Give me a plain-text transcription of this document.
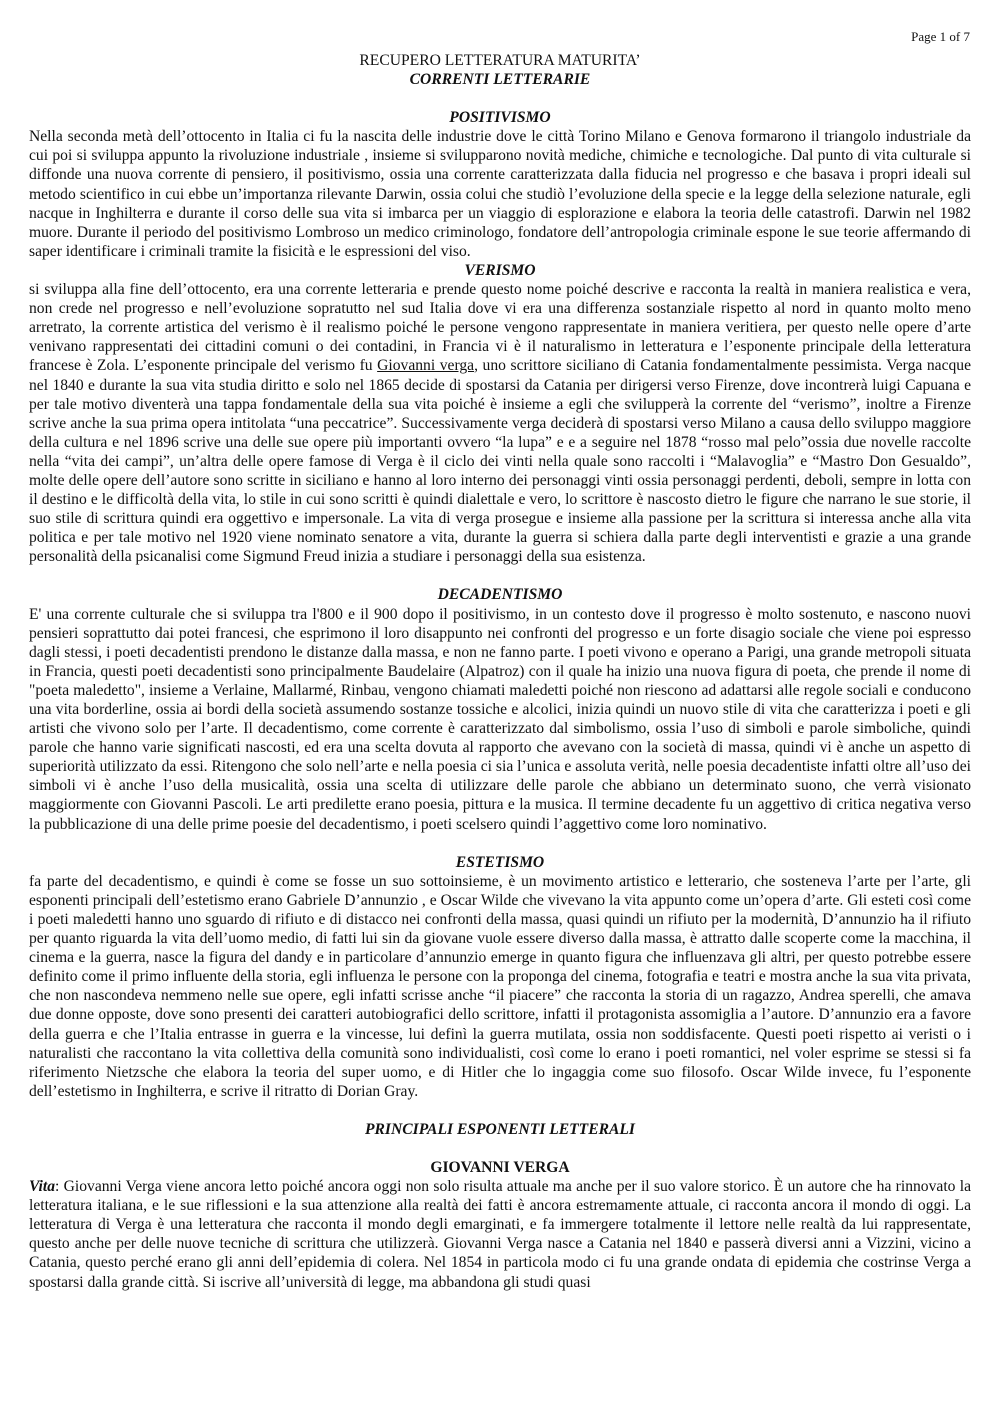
Page 1 of 7
RECUPERO LETTERATURA MATURITA’
CORRENTI LETTERARIE
POSITIVISMO

Nella seconda metà dell’ottocento in Italia ci fu la nascita delle industrie dove le città Torino Milano e Genova formarono il triangolo industriale da cui poi si sviluppa appunto la rivoluzione industriale , insieme si svilupparono novità mediche, chimiche e tecnologiche. Dal punto di vita culturale si diffonde una nuova corrente di pensiero, il positivismo, ossia una corrente caratterizzata dalla fiducia nel progresso e che basava i propri ideali sul metodo scientifico in cui ebbe un’importanza rilevante Darwin, ossia colui che studiò l’evoluzione della specie e la legge della selezione naturale, egli nacque in Inghilterra e durante il corso delle sua vita si imbarca per un viaggio di esplorazione e elabora la teoria delle catastrofi. Darwin nel 1982 muore. Durante il periodo del positivismo Lombroso un medico criminologo, fondatore dell’antropologia criminale espone le sue teorie affermando di saper identificare i criminali tramite la fisicità e le espressioni del viso.

VERISMO

si sviluppa alla fine dell’ottocento, era una corrente letteraria e prende questo nome poiché descrive e racconta la realtà in maniera realistica e vera, non crede nel progresso e nell’evoluzione sopratutto nel sud Italia dove vi era una differenza sostanziale rispetto al nord in quanto molto meno arretrato, la corrente artistica del verismo è il realismo poiché le persone vengono rappresentate in maniera veritiera, per questo nelle opere d’arte venivano rappresentati dei cittadini comuni o dei contadini, in Francia vi è il naturalismo in letteratura e l’esponente principale della letteratura francese è Zola. L’esponente principale del verismo fu Giovanni verga, uno scrittore siciliano di Catania fondamentalmente pessimista. Verga nacque nel 1840 e durante la sua vita studia diritto e solo nel 1865 decide di spostarsi da Catania per dirigersi verso Firenze, dove incontrerà luigi Capuana e per tale motivo diventerà una tappa fondamentale della sua vita poiché è insieme a egli che svilupperà la corrente del “verismo”, inoltre a Firenze scrive anche la sua prima opera intitolata “una peccatrice”. Successivamente verga deciderà di spostarsi verso Milano a causa dello sviluppo maggiore della cultura e nel 1896 scrive una delle sue opere più importanti ovvero “la lupa” e e a seguire nel 1878 “rosso mal pelo”ossia due novelle raccolte nella “vita dei campi”, un’altra delle opere famose di Verga è il ciclo dei vinti nella quale sono raccolti i “Malavoglia” e “Mastro Don Gesualdo”, molte delle opere dell’autore sono scritte in siciliano e hanno al loro interno dei personaggi vinti ossia personaggi perdenti, deboli, sempre in lotta con il destino e le difficoltà della vita, lo stile in cui sono scritti è quindi dialettale e vero, lo scrittore è nascosto dietro le figure che narrano le sue storie, il suo stile di scrittura quindi era oggettivo e impersonale. La vita di verga prosegue e insieme alla passione per la scrittura si interessa anche alla vita politica e per tale motivo nel 1920 viene nominato senatore a vita, durante la guerra si schiera dalla parte degli interventisti e grazie a una grande personalità della psicanalisi come Sigmund Freud inizia a studiare i personaggi della sua esistenza.

DECADENTISMO

E' una corrente culturale che si sviluppa tra l'800 e il 900 dopo il positivismo, in un contesto dove il progresso è molto sostenuto, e nascono nuovi pensieri soprattutto dai potei francesi, che esprimono il loro disappunto nei confronti del progresso e un forte disagio sociale che viene poi espresso dagli stessi, i poeti decadentisti prendono le distanze dalla massa, e non ne fanno parte. I poeti vivono e operano a Parigi, una grande metropoli situata in Francia, questi poeti decadentisti sono principalmente Baudelaire (Alpatroz) con il quale ha inizio una nuova figura di poeta, che prende il nome di "poeta maledetto", insieme a Verlaine, Mallarmé, Rinbau, vengono chiamati maledetti poiché non riescono ad adattarsi alle regole sociali e conducono una vita borderline, ossia ai bordi della società assumendo sostanze tossiche e alcolici, inizia quindi un nuovo stile di vita che caratterizza i poeti e gli artisti che vivono solo per l’arte. Il decadentismo, come corrente è caratterizzato dal simbolismo, ossia l’uso di simboli e parole simboliche, quindi parole che hanno varie significati nascosti, ed era una scelta dovuta al rapporto che avevano con la società di massa, quindi vi è anche un aspetto di superiorità utilizzato da essi. Ritengono che solo nell’arte e nella poesia ci sia l’unica e assoluta verità, nelle poesia decadentiste infatti oltre all’uso dei simboli vi è anche l’uso della musicalità, ossia una scelta di utilizzare delle parole che abbiano un determinato suono, che verrà visionato maggiormente con Giovanni Pascoli. Le arti predilette erano poesia, pittura e la musica. Il termine decadente fu un aggettivo di critica negativa verso la pubblicazione di una delle prime poesie del decadentismo, i poeti scelsero quindi l’aggettivo come loro nominativo.

ESTETISMO

fa parte del decadentismo, e quindi è come se fosse un suo sottoinsieme, è un movimento artistico e letterario, che sosteneva l’arte per l’arte, gli esponenti principali dell’estetismo erano Gabriele D’annunzio , e Oscar Wilde che vivevano la vita appunto come un’opera d’arte. Gli esteti così come i poeti maledetti hanno uno sguardo di rifiuto e di distacco nei confronti della massa, quasi quindi un rifiuto per la modernità, D’annunzio ha il rifiuto per quanto riguarda la vita dell’uomo medio, di fatti lui sin da giovane vuole essere diverso dalla massa, è attratto dalle scoperte come la macchina, il cinema e la guerra, nasce la figura del dandy e in particolare d’annunzio emerge in quanto figura che influenzava gli altri, per questo potrebbe essere definito come il primo influente della storia, egli influenza le persone con la proponga del cinema, fotografia e teatri e mostra anche la sua vita privata, che non nascondeva nemmeno nelle sue opere, egli infatti scrisse anche “il piacere” che racconta la storia di un ragazzo, Andrea sperelli, che amava due donne opposte, dove sono presenti dei caratteri autobiografici dello scrittore, infatti il protagonista assomiglia a l’autore. D’annunzio era a favore della guerra e che l’Italia entrasse in guerra e la vincesse, lui definì la guerra mutilata, ossia non soddisfacente. Questi poeti rispetto ai veristi o i naturalisti che raccontano la vita collettiva della comunità sono individualisti, così come lo erano i poeti romantici, nel voler esprime se stessi si fa riferimento Nietzsche che elabora la teoria del super uomo, e di Hitler che lo ingaggia come suo filosofo. Oscar Wilde invece, fu l’esponente dell’estetismo in Inghilterra, e scrive il ritratto di Dorian Gray.

PRINCIPALI ESPONENTI LETTERALI
GIOVANNI VERGA

Vita: Giovanni Verga viene ancora letto poiché ancora oggi non solo risulta attuale ma anche per il suo valore storico. È un autore che ha rinnovato la letteratura italiana, e le sue riflessioni e la sua attenzione alla realtà dei fatti è ancora estremamente attuale, ci racconta ancora il mondo di oggi. La letteratura di Verga è una letteratura che racconta il mondo degli emarginati, e fa immergere totalmente il lettore nelle realtà da lui rappresentate, questo anche per delle nuove tecniche di scrittura che utilizzerà. Giovanni Verga nasce a Catania nel 1840 e passerà diversi anni a Vizzini, vicino a Catania, questo perché erano gli anni dell’epidemia di colera. Nel 1854 in particola modo ci fu una grande ondata di epidemia che costrinse Verga a spostarsi dalla grande città. Si iscrive all’università di legge, ma abbandona gli studi quasi
